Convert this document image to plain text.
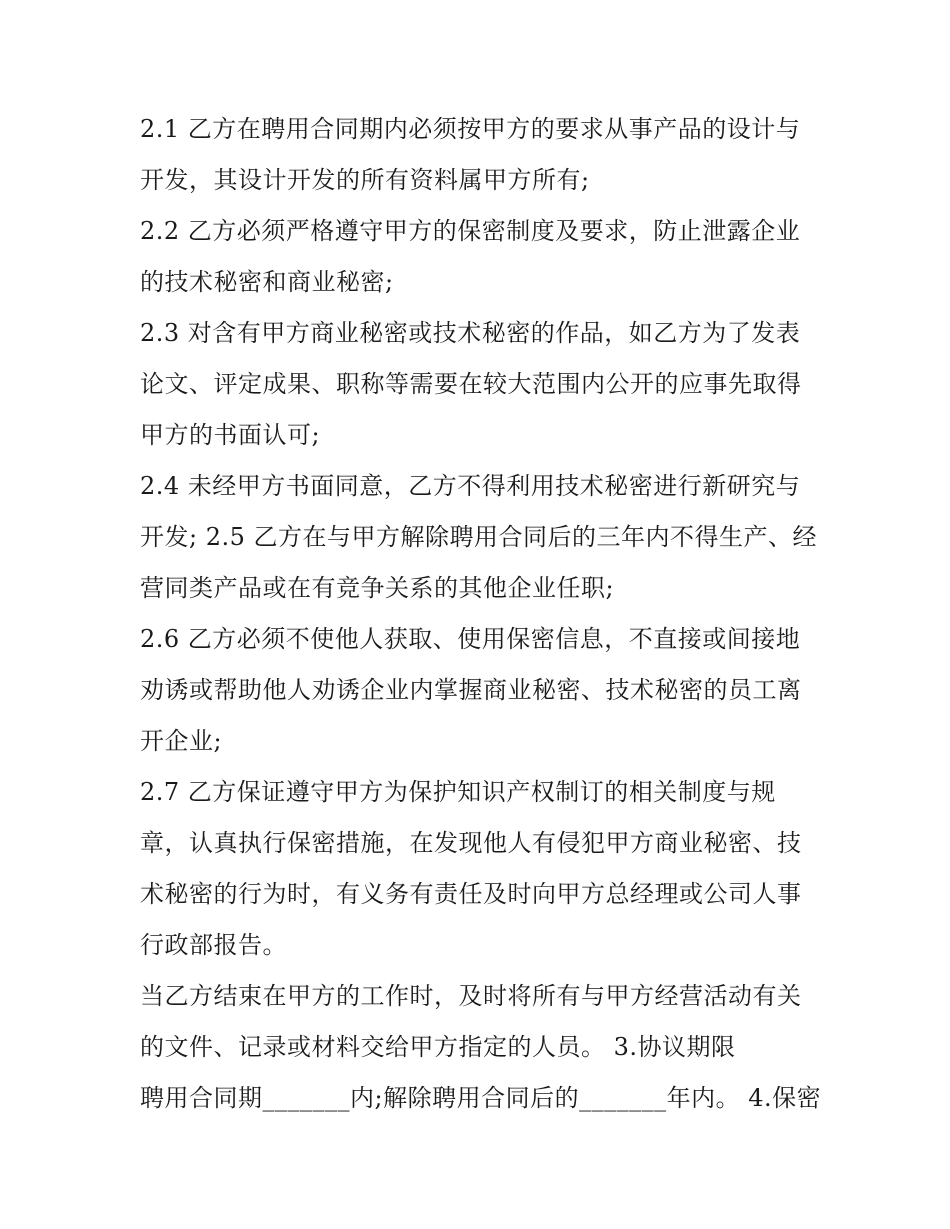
2.1 乙方在聘用合同期内必须按甲方的要求从事产品的设计与
开发，其设计开发的所有资料属甲方所有;
2.2 乙方必须严格遵守甲方的保密制度及要求，防止泄露企业
的技术秘密和商业秘密;
2.3 对含有甲方商业秘密或技术秘密的作品，如乙方为了发表
论文、评定成果、职称等需要在较大范围内公开的应事先取得
甲方的书面认可;
2.4 未经甲方书面同意，乙方不得利用技术秘密进行新研究与
开发; 2.5 乙方在与甲方解除聘用合同后的三年内不得生产、经
营同类产品或在有竞争关系的其他企业任职;
2.6 乙方必须不使他人获取、使用保密信息，不直接或间接地
劝诱或帮助他人劝诱企业内掌握商业秘密、技术秘密的员工离
开企业;
2.7 乙方保证遵守甲方为保护知识产权制订的相关制度与规
章，认真执行保密措施，在发现他人有侵犯甲方商业秘密、技
术秘密的行为时，有义务有责任及时向甲方总经理或公司人事
行政部报告。
当乙方结束在甲方的工作时，及时将所有与甲方经营活动有关
的文件、记录或材料交给甲方指定的人员。 3.协议期限
聘用合同期_______内;解除聘用合同后的_______年内。 4.保密
